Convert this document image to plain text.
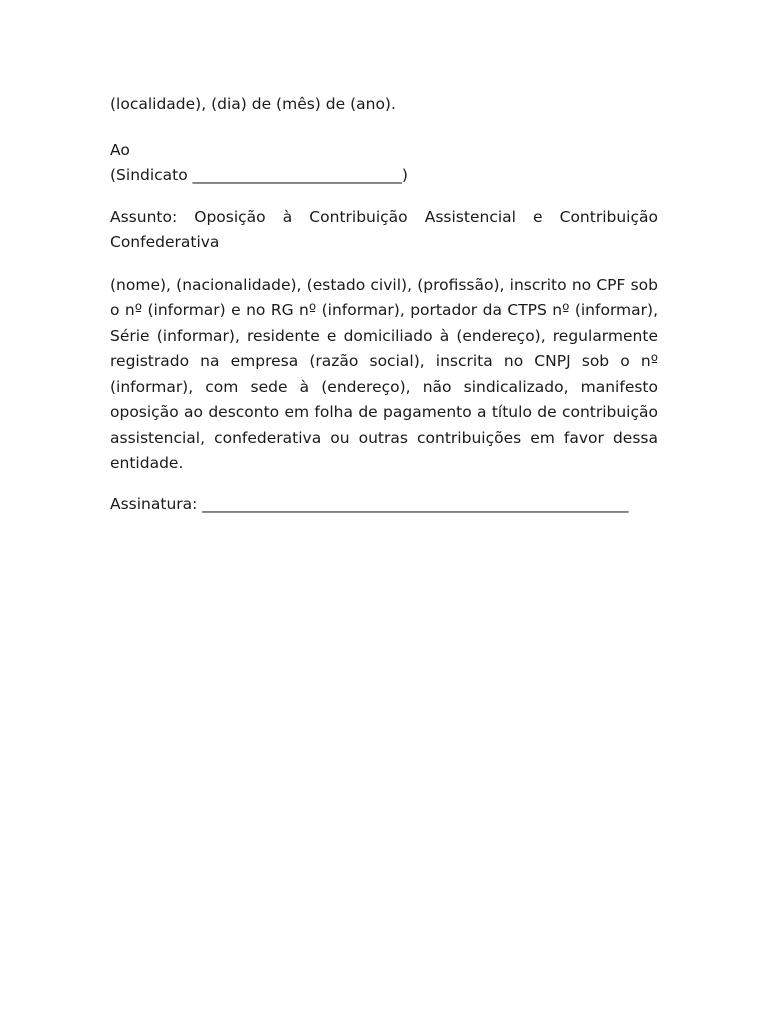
(localidade), (dia) de (mês) de (ano).

Ao
(Sindicato ___________________________)

Assunto: Oposição à Contribuição Assistencial e Contribuição Confederativa

(nome), (nacionalidade), (estado civil), (profissão), inscrito no CPF sob o nº (informar) e no RG nº (informar), portador da CTPS nº (informar), Série (informar), residente e domiciliado à (endereço), regularmente registrado na empresa (razão social), inscrita no CNPJ sob o nº (informar), com sede à (endereço), não sindicalizado, manifesto oposição ao desconto em folha de pagamento a título de contribuição assistencial, confederativa ou outras contribuições em favor dessa entidade.

Assinatura: _______________________________________________________
